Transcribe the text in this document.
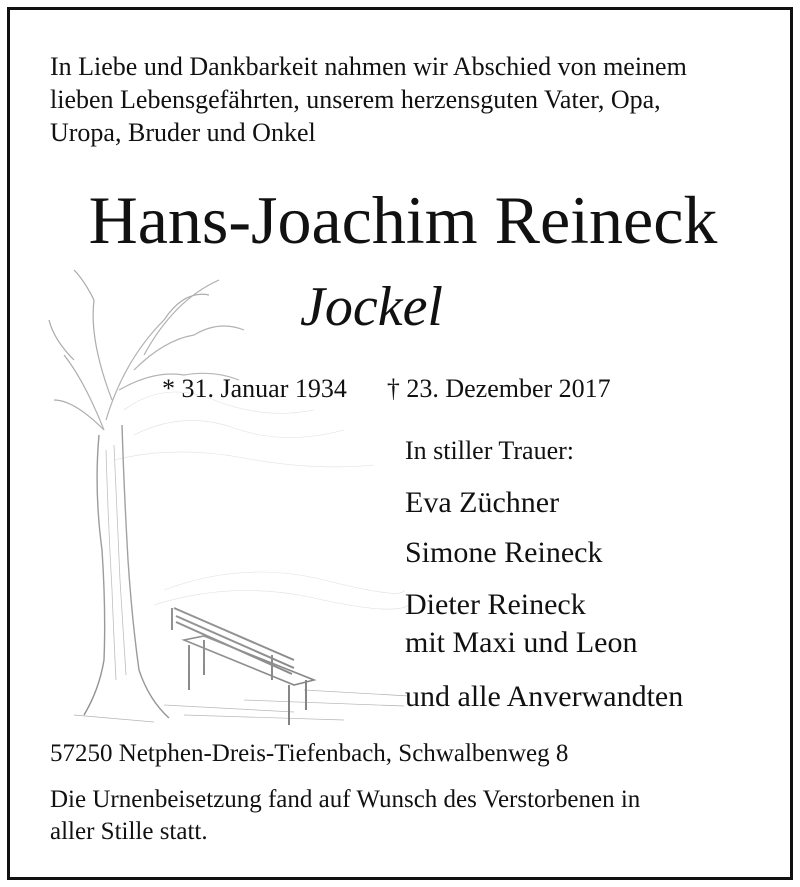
In Liebe und Dankbarkeit nahmen wir Abschied von meinem
lieben Lebensgefährten, unserem herzensguten Vater, Opa,
Uropa, Bruder und Onkel
Hans-Joachim Reineck
Jockel
* 31. Januar 1934 † 23. Dezember 2017
In stiller Trauer:
Eva Züchner
Simone Reineck
Dieter Reineck
mit Maxi und Leon
und alle Anverwandten
57250 Netphen-Dreis-Tiefenbach, Schwalbenweg 8
Die Urnenbeisetzung fand auf Wunsch des Verstorbenen in
aller Stille statt.
